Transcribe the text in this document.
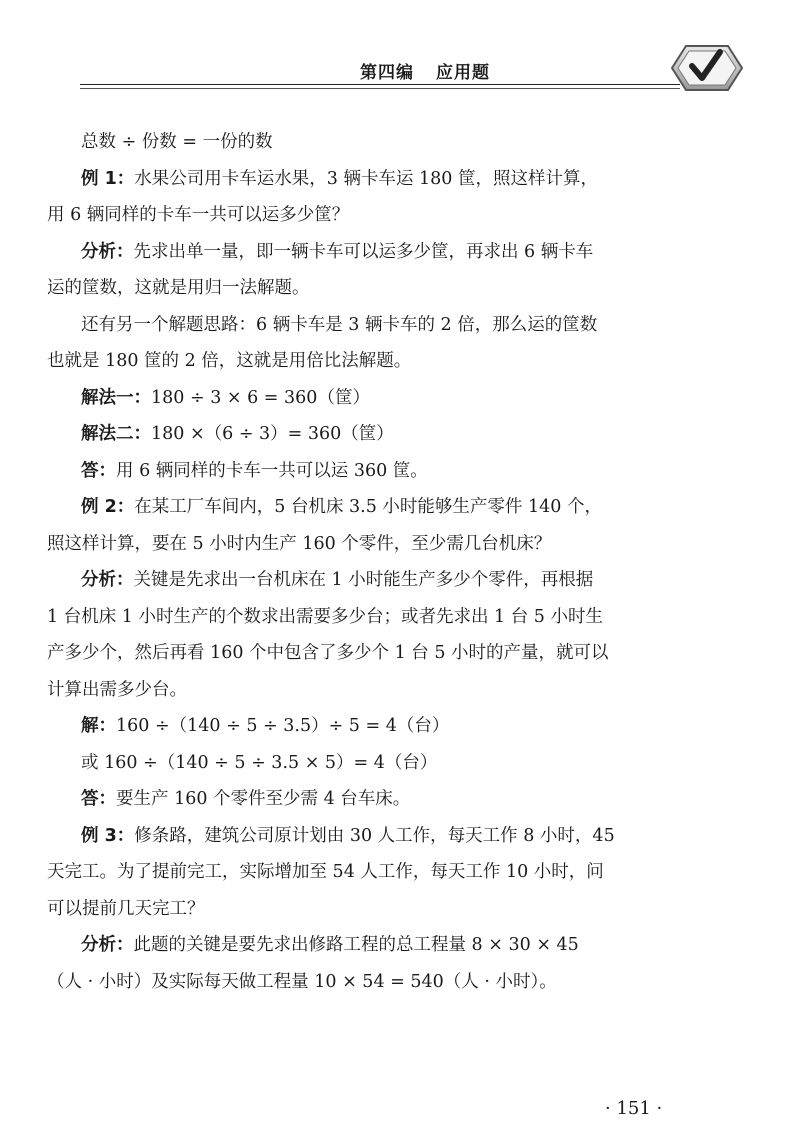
第四编 应用题

总数 ÷ 份数 = 一份的数

例 1：水果公司用卡车运水果，3 辆卡车运 180 筐，照这样计算，

用 6 辆同样的卡车一共可以运多少筐？

分析：先求出单一量，即一辆卡车可以运多少筐，再求出 6 辆卡车

运的筐数，这就是用归一法解题。

还有另一个解题思路：6 辆卡车是 3 辆卡车的 2 倍，那么运的筐数

也就是 180 筐的 2 倍，这就是用倍比法解题。

解法一：180 ÷ 3 × 6 = 360（筐）

解法二：180 ×（6 ÷ 3）= 360（筐）

答：用 6 辆同样的卡车一共可以运 360 筐。

例 2：在某工厂车间内，5 台机床 3.5 小时能够生产零件 140 个，

照这样计算，要在 5 小时内生产 160 个零件，至少需几台机床？

分析：关键是先求出一台机床在 1 小时能生产多少个零件，再根据

1 台机床 1 小时生产的个数求出需要多少台；或者先求出 1 台 5 小时生

产多少个，然后再看 160 个中包含了多少个 1 台 5 小时的产量，就可以

计算出需多少台。

解：160 ÷（140 ÷ 5 ÷ 3.5）÷ 5 = 4（台）

或 160 ÷（140 ÷ 5 ÷ 3.5 × 5）= 4（台）

答：要生产 160 个零件至少需 4 台车床。

例 3：修条路，建筑公司原计划由 30 人工作，每天工作 8 小时，45

天完工。为了提前完工，实际增加至 54 人工作，每天工作 10 小时，问

可以提前几天完工？

分析：此题的关键是要先求出修路工程的总工程量 8 × 30 × 45

（人 · 小时）及实际每天做工程量 10 × 54 = 540（人 · 小时）。

· 151 ·
